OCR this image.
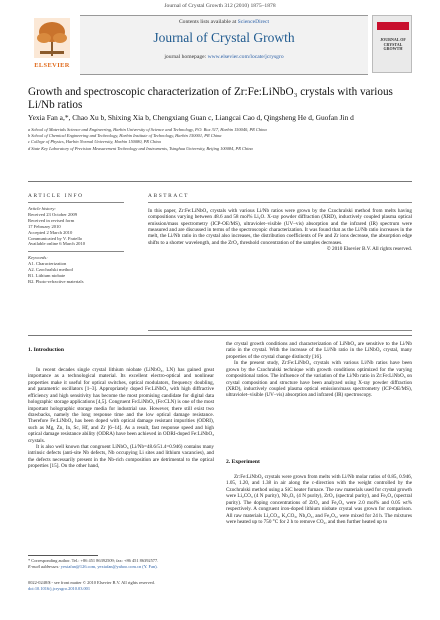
Journal of Crystal Growth 312 (2010) 1875–1878
ELSEVIER
Contents lists available at ScienceDirect
Journal of Crystal Growth
journal homepage: www.elsevier.com/locate/jcrysgro
JOURNAL OF CRYSTAL GROWTH
Growth and spectroscopic characterization of Zr:Fe:LiNbO₃ crystals with various Li/Nb ratios
Yexia Fan a,*, Chao Xu b, Shixing Xia b, Chengxiang Guan c, Liangcai Cao d, Qingsheng He d, Guofan Jin d
a School of Materials Science and Engineering, Harbin University of Science and Technology, P.O. Box 317, Harbin 150040, PR China
b School of Chemical Engineering and Technology, Harbin Institute of Technology, Harbin 150001, PR China
c College of Physics, Harbin Normal University, Harbin 150080, PR China
d State Key Laboratory of Precision Measurement Technology and Instruments, Tsinghua University, Beijing 100084, PR China
ARTICLE INFO	ABSTRACT
Article history:
Received 23 October 2009
Received in revised form
17 February 2010
Accepted 2 March 2010
Communicated by V. Fratello
Available online 6 March 2010
Keywords:
A1. Characterization
A2. Czochralski method
B1. Lithium niobate
B2. Photo-refractive materials
In this paper, Zr:Fe:LiNbO₃ crystals with various Li/Nb ratios were grown by the Czochralski method from melts having compositions varying between 48.6 and 58 mol% Li₂O. X-ray powder diffraction (XRD), inductively coupled plasma optical emission/mass spectrometry (ICP-OE/MS), ultraviolet–visible (UV–vis) absorption and the infrared (IR) spectrum were measured and are discussed in terms of the spectroscopic characterization. It was found that as the Li/Nb ratio increases in the melt, the Li/Nb ratio in the crystal also increases, the distribution coefficients of Fe and Zr ions decrease, the absorption edge shifts to a shorter wavelength, and the ZrO₂ threshold concentration of the samples decreases.
© 2010 Elsevier B.V. All rights reserved.
1. Introduction

In recent decades single crystal lithium niobate (LiNbO₃, LN) has gained great importance as a technological material. Its excellent electro-optical and nonlinear properties make it useful for optical switches, optical modulators, frequency doubling, and parametric oscillators [1–3]. Appropriately doped Fe:LiNbO₃ with high diffractive efficiency and high sensitivity has become the most promising candidate for digital data holographic storage applications [4,5]. Congruent Fe:LiNbO₃ (Fe:CLN) is one of the most important holographic storage media for industrial use. However, there still exist two drawbacks, namely the long response time and the low optical damage resistance. Therefore Fe:LiNbO₃ has been doped with optical damage resistant impurities (ODRI), such as Mg, Zn, In, Sc, Hf, and Zr [6–14]. As a result, fast response speed and high optical damage resistance ability (ODRA) have been achieved in ODRI-doped Fe:LiNbO₃ crystals.

It is also well known that congruent LiNbO₃ (Li/Nb=48.6/51.4=0.946) contains many intrinsic defects (anti-site Nb defects, Nb occupying Li sites and lithium vacancies), and the defects necessarily present in the Nb-rich composition are detrimental to the optical properties [15]. On the other hand,

the crystal growth conditions and characterization of LiNbO₃ are sensitive to the Li/Nb ratio in the crystal. With the increase of the Li/Nb ratio in the LiNbO₃ crystal, many properties of the crystal change distinctly [16].

In the present study, Zr:Fe:LiNbO₃ crystals with various Li/Nb ratios have been grown by the Czochralski technique with growth conditions optimized for the varying compositional ratios. The influence of the variation of the Li/Nb ratio in Zr:Fe:LiNbO₃ on crystal composition and structure have been analyzed using X-ray powder diffraction (XRD), inductively coupled plasma optical emission/mass spectrometry (ICP-OE/MS), ultraviolet–visible (UV–vis) absorption and infrared (IR) spectroscopy.

2. Experiment

Zr:Fe:LiNbO₃ crystals were grown from melts with Li/Nb molar ratios of 0.85, 0.946, 1.05, 1.20, and 1.38 in air along the c-direction with the weight controlled by the Czochralski method using a SiC heater furnace. The raw materials used for crystal growth were Li₂CO₃ (4 N purity), Nb₂O₅ (4 N purity), ZrO₂ (spectral purity), and Fe₂O₃ (spectral purity). The doping concentrations of ZrO₂ and Fe₂O₃ were 2.0 mol% and 0.05 wt% respectively. A congruent iron-doped lithium niobate crystal was grown for comparison. All raw materials Li₂CO₃, K₂CO₃, Nb₂O₅, and Fe₂O₃, were mixed for 24 h. The mixtures were heated up to 750 °C for 2 h to remove CO₂, and then further heated up to

* Corresponding author. Tel.: +86 451 86392509; fax: +86 451 86392577.
E-mail addresses: yexiafan@126.com, yexiafan@yahoo.com.cn (Y. Fan).
0022-0248/$ - see front matter © 2010 Elsevier B.V. All rights reserved.
doi:10.1016/j.jcrysgro.2010.03.001
